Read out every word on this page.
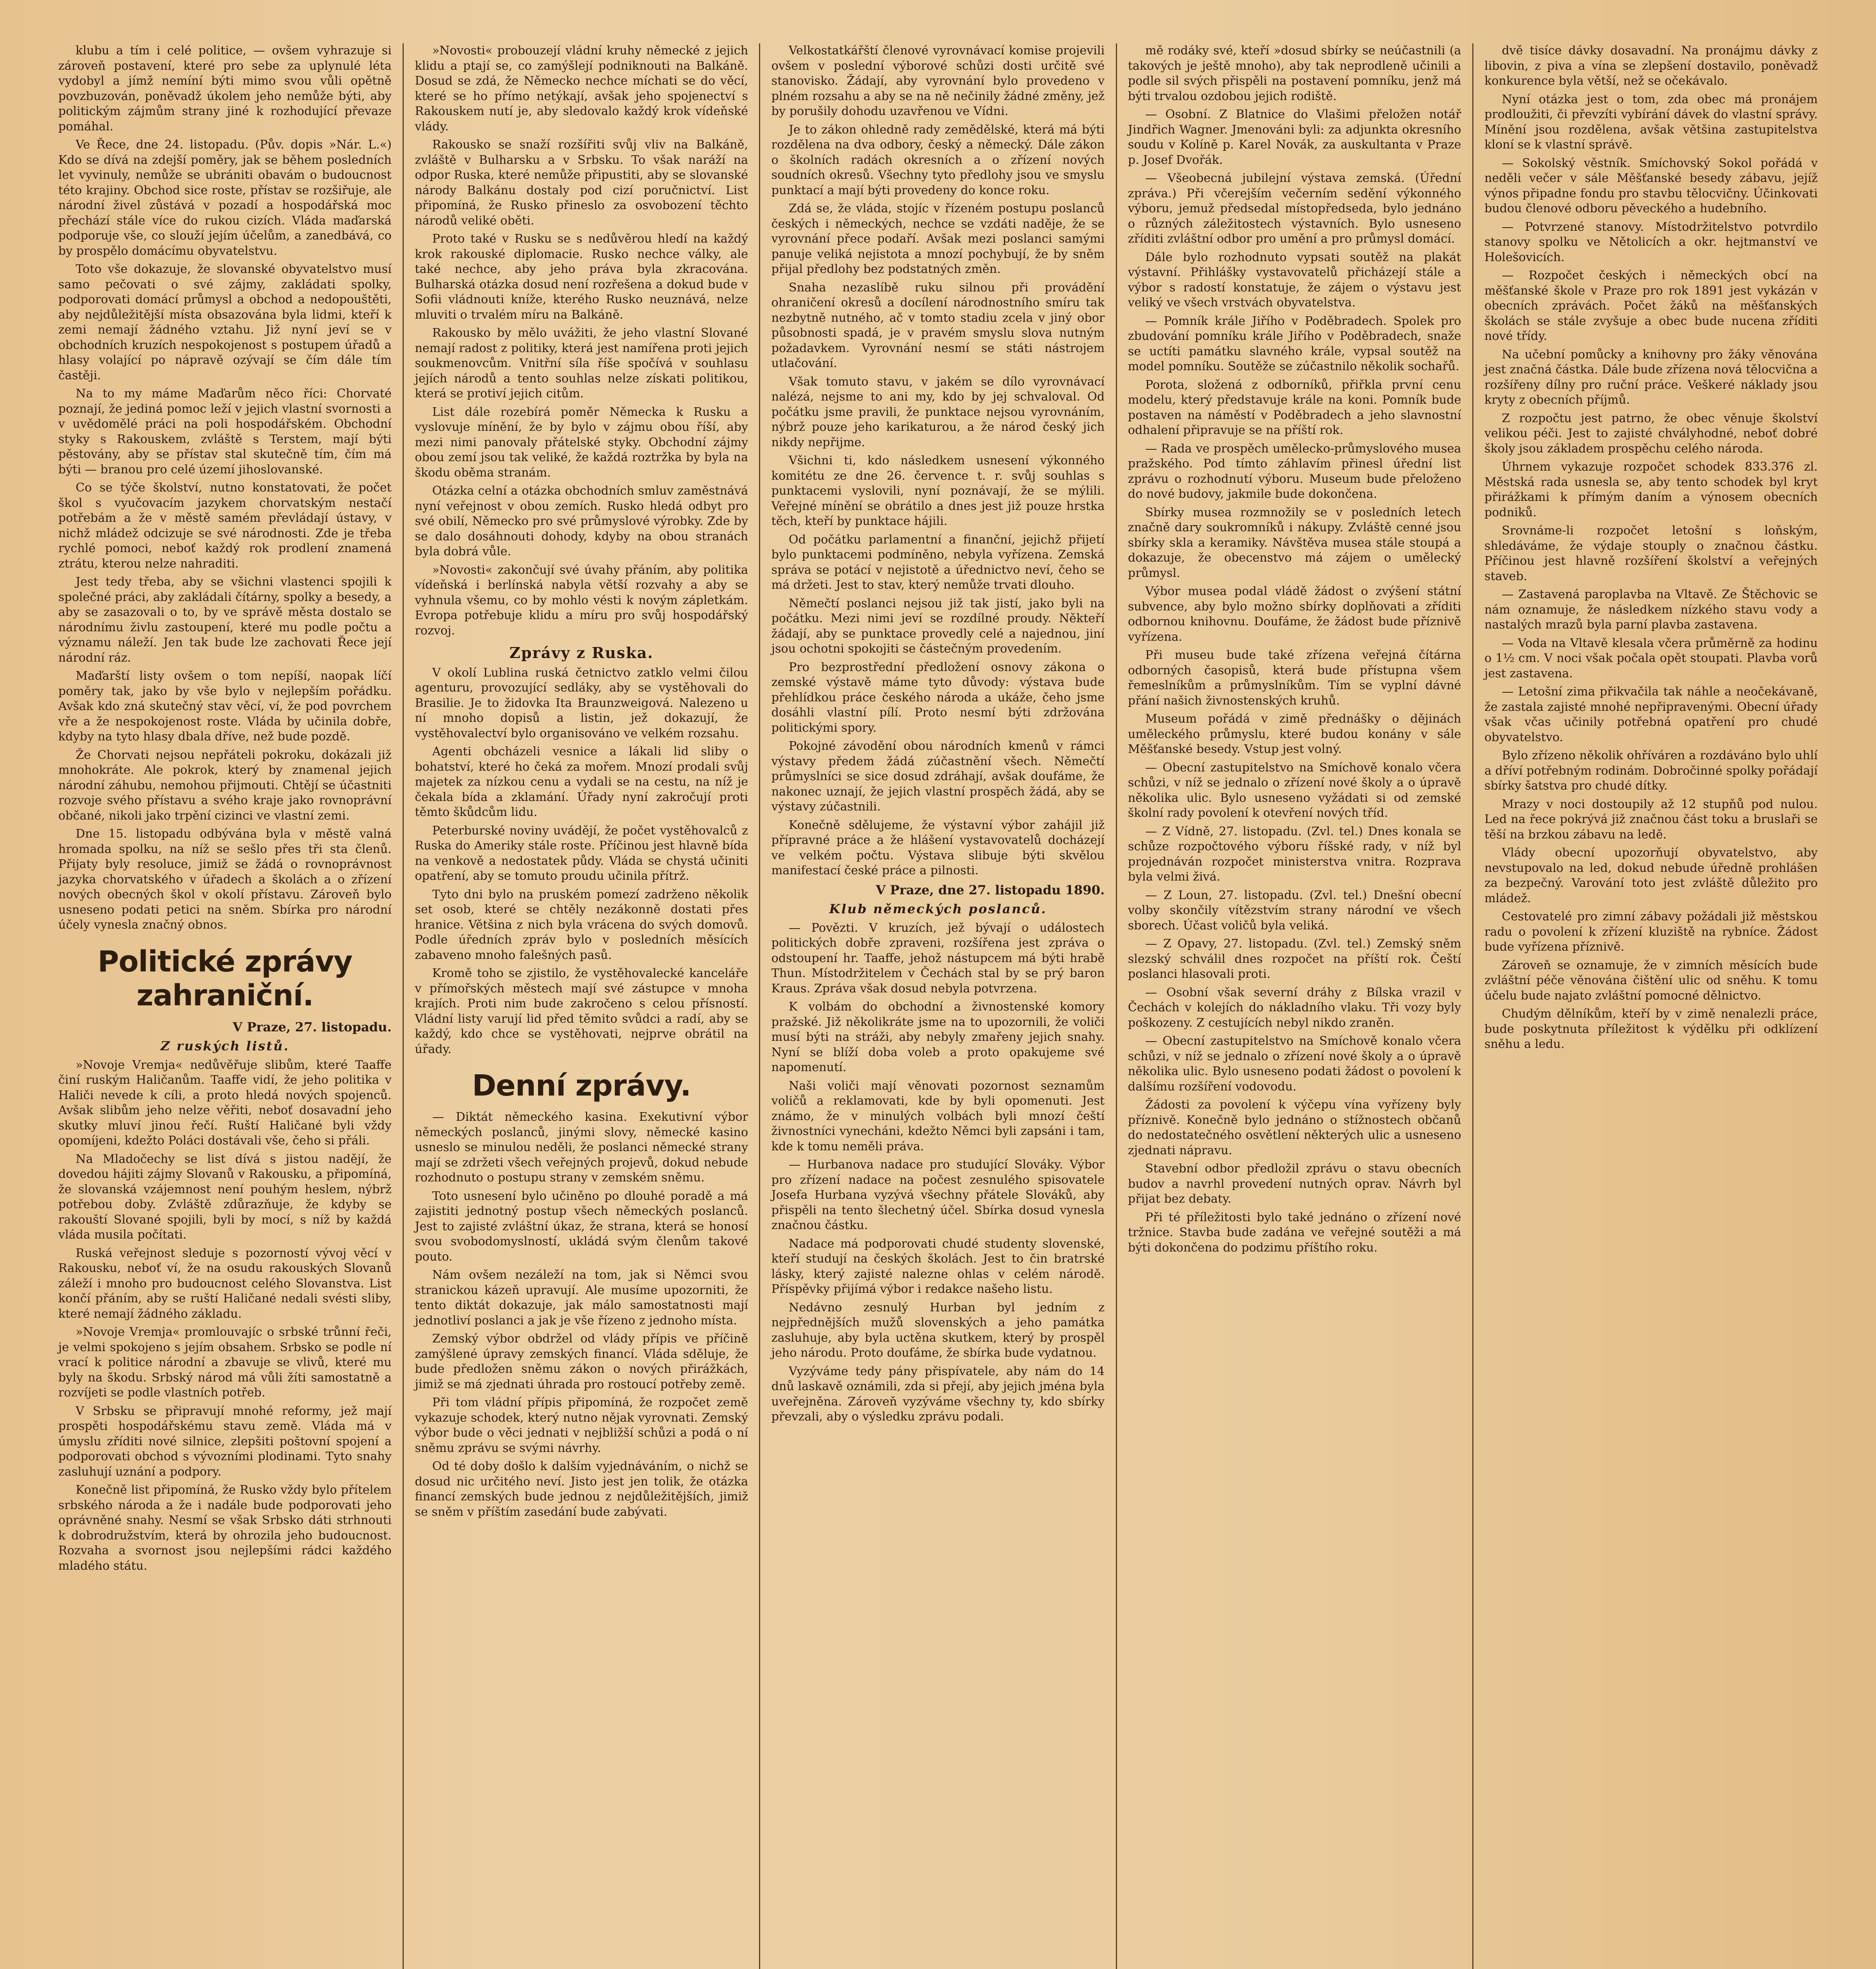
klubu a tím i celé politice, — ovšem vyhrazuje si zároveň postavení, které pro sebe za uplynulé léta vydobyl a jímž nemíní býti mimo svou vůli opětně povzbuzován, poněvadž úkolem jeho nemůže býti, aby politickým zájmům strany jiné k rozhodující převaze pomáhal.

Ve Řece, dne 24. listopadu. (Pův. dopis »Nár. L.«) Kdo se dívá na zdejší poměry, jak se během posledních let vyvinuly, nemůže se ubrániti obavám o budoucnost této krajiny. Obchod sice roste, přístav se rozšiřuje, ale národní živel zůstává v pozadí a hospodářská moc přechází stále více do rukou cizích. Vláda maďarská podporuje vše, co slouží jejím účelům, a zanedbává, co by prospělo domácímu obyvatelstvu.

Toto vše dokazuje, že slovanské obyvatelstvo musí samo pečovati o své zájmy, zakládati spolky, podporovati domácí průmysl a obchod a nedopouštěti, aby nejdůležitější místa obsazována byla lidmi, kteří k zemi nemají žádného vztahu. Již nyní jeví se v obchodních kruzích nespokojenost s postupem úřadů a hlasy volající po nápravě ozývají se čím dále tím častěji.

Na to my máme Maďarům něco říci: Chorvaté poznají, že jediná pomoc leží v jejich vlastní svornosti a v uvědomělé práci na poli hospodářském. Obchodní styky s Rakouskem, zvláště s Terstem, mají býti pěstovány, aby se přístav stal skutečně tím, čím má býti — branou pro celé území jihoslovanské.

Co se týče školství, nutno konstatovati, že počet škol s vyučovacím jazykem chorvatským nestačí potřebám a že v městě samém převládají ústavy, v nichž mládež odcizuje se své národnosti. Zde je třeba rychlé pomoci, neboť každý rok prodlení znamená ztrátu, kterou nelze nahraditi.

Jest tedy třeba, aby se všichni vlastenci spojili k společné práci, aby zakládali čítárny, spolky a besedy, a aby se zasazovali o to, by ve správě města dostalo se národnímu živlu zastoupení, které mu podle počtu a významu náleží. Jen tak bude lze zachovati Řece její národní ráz.

Maďarští listy ovšem o tom nepíší, naopak líčí poměry tak, jako by vše bylo v nejlepším pořádku. Avšak kdo zná skutečný stav věcí, ví, že pod povrchem vře a že nespokojenost roste. Vláda by učinila dobře, kdyby na tyto hlasy dbala dříve, než bude pozdě.

Že Chorvati nejsou nepřáteli pokroku, dokázali již mnohokráte. Ale pokrok, který by znamenal jejich národní záhubu, nemohou přijmouti. Chtějí se účastniti rozvoje svého přístavu a svého kraje jako rovnoprávní občané, nikoli jako trpění cizinci ve vlastní zemi.

Dne 15. listopadu odbývána byla v městě valná hromada spolku, na níž se sešlo přes tři sta členů. Přijaty byly resoluce, jimiž se žádá o rovnoprávnost jazyka chorvatského v úřadech a školách a o zřízení nových obecných škol v okolí přístavu. Zároveň bylo usneseno podati petici na sněm. Sbírka pro národní účely vynesla značný obnos.

Politické zprávy zahraniční.
V Praze, 27. listopadu.
Z ruských listů.

»Novoje Vremja« nedůvěřuje slibům, které Taaffe činí ruským Haličanům. Taaffe vidí, že jeho politika v Haliči nevede k cíli, a proto hledá nových spojenců. Avšak slibům jeho nelze věřiti, neboť dosavadní jeho skutky mluví jinou řečí. Ruští Haličané byli vždy opomíjeni, kdežto Poláci dostávali vše, čeho si přáli.

Na Mladočechy se list dívá s jistou nadějí, že dovedou hájiti zájmy Slovanů v Rakousku, a připomíná, že slovanská vzájemnost není pouhým heslem, nýbrž potřebou doby. Zvláště zdůrazňuje, že kdyby se rakouští Slované spojili, byli by mocí, s níž by každá vláda musila počítati.

Ruská veřejnost sleduje s pozorností vývoj věcí v Rakousku, neboť ví, že na osudu rakouských Slovanů záleží i mnoho pro budoucnost celého Slovanstva. List končí přáním, aby se ruští Haličané nedali svésti sliby, které nemají žádného základu.

»Novoje Vremja« promlouvajíc o srbské trůnní řeči, je velmi spokojeno s jejím obsahem. Srbsko se podle ní vrací k politice národní a zbavuje se vlivů, které mu byly na škodu. Srbský národ má vůli žíti samostatně a rozvíjeti se podle vlastních potřeb.

V Srbsku se připravují mnohé reformy, jež mají prospěti hospodářskému stavu země. Vláda má v úmyslu zříditi nové silnice, zlepšiti poštovní spojení a podporovati obchod s vývozními plodinami. Tyto snahy zasluhují uznání a podpory.

Konečně list připomíná, že Rusko vždy bylo přítelem srbského národa a že i nadále bude podporovati jeho oprávněné snahy. Nesmí se však Srbsko dáti strhnouti k dobrodružstvím, která by ohrozila jeho budoucnost. Rozvaha a svornost jsou nejlepšími rádci každého mladého státu.

»Novosti« probouzejí vládní kruhy německé z jejich klidu a ptají se, co zamýšlejí podniknouti na Balkáně. Dosud se zdá, že Německo nechce míchati se do věcí, které se ho přímo netýkají, avšak jeho spojenectví s Rakouskem nutí je, aby sledovalo každý krok vídeňské vlády.

Rakousko se snaží rozšířiti svůj vliv na Balkáně, zvláště v Bulharsku a v Srbsku. To však naráží na odpor Ruska, které nemůže připustiti, aby se slovanské národy Balkánu dostaly pod cizí poručnictví. List připomíná, že Rusko přineslo za osvobození těchto národů veliké oběti.

Proto také v Rusku se s nedůvěrou hledí na každý krok rakouské diplomacie. Rusko nechce války, ale také nechce, aby jeho práva byla zkracována. Bulharská otázka dosud není rozřešena a dokud bude v Sofii vládnouti kníže, kterého Rusko neuznává, nelze mluviti o trvalém míru na Balkáně.

Rakousko by mělo uvážiti, že jeho vlastní Slované nemají radost z politiky, která jest namířena proti jejich soukmenovcům. Vnitřní síla říše spočívá v souhlasu jejích národů a tento souhlas nelze získati politikou, která se protiví jejich citům.

List dále rozebírá poměr Německa k Rusku a vyslovuje mínění, že by bylo v zájmu obou říší, aby mezi nimi panovaly přátelské styky. Obchodní zájmy obou zemí jsou tak veliké, že každá roztržka by byla na škodu oběma stranám.

Otázka celní a otázka obchodních smluv zaměstnává nyní veřejnost v obou zemích. Rusko hledá odbyt pro své obilí, Německo pro své průmyslové výrobky. Zde by se dalo dosáhnouti dohody, kdyby na obou stranách byla dobrá vůle.

»Novosti« zakončují své úvahy přáním, aby politika vídeňská i berlínská nabyla větší rozvahy a aby se vyhnula všemu, co by mohlo vésti k novým zápletkám. Evropa potřebuje klidu a míru pro svůj hospodářský rozvoj.

Zprávy z Ruska.

V okolí Lublina ruská četnictvo zatklo velmi čilou agenturu, provozující sedláky, aby se vystěhovali do Brasilie. Je to židovka Ita Braunzweigová. Nalezeno u ní mnoho dopisů a listin, jež dokazují, že vystěhovalectví bylo organisováno ve velkém rozsahu.

Agenti obcházeli vesnice a lákali lid sliby o bohatství, které ho čeká za mořem. Mnozí prodali svůj majetek za nízkou cenu a vydali se na cestu, na níž je čekala bída a zklamání. Úřady nyní zakročují proti těmto škůdcům lidu.

Peterburské noviny uvádějí, že počet vystěhovalců z Ruska do Ameriky stále roste. Příčinou jest hlavně bída na venkově a nedostatek půdy. Vláda se chystá učiniti opatření, aby se tomuto proudu učinila přítrž.

Tyto dni bylo na pruském pomezí zadrženo několik set osob, které se chtěly nezákonně dostati přes hranice. Většina z nich byla vrácena do svých domovů. Podle úředních zpráv bylo v posledních měsících zabaveno mnoho falešných pasů.

Kromě toho se zjistilo, že vystěhovalecké kanceláře v přímořských městech mají své zástupce v mnoha krajích. Proti nim bude zakročeno s celou přísností. Vládní listy varují lid před těmito svůdci a radí, aby se každý, kdo chce se vystěhovati, nejprve obrátil na úřady.

Denní zprávy.

— Diktát německého kasina. Exekutivní výbor německých poslanců, jinými slovy, německé kasino usneslo se minulou neděli, že poslanci německé strany mají se zdržeti všech veřejných projevů, dokud nebude rozhodnuto o postupu strany v zemském sněmu.

Toto usnesení bylo učiněno po dlouhé poradě a má zajistiti jednotný postup všech německých poslanců. Jest to zajisté zvláštní úkaz, že strana, která se honosí svou svobodomyslností, ukládá svým členům takové pouto.

Nám ovšem nezáleží na tom, jak si Němci svou stranickou kázeň upravují. Ale musíme upozorniti, že tento diktát dokazuje, jak málo samostatnosti mají jednotliví poslanci a jak je vše řízeno z jednoho místa.

Zemský výbor obdržel od vlády přípis ve příčině zamýšlené úpravy zemských financí. Vláda sděluje, že bude předložen sněmu zákon o nových přirážkách, jimiž se má zjednati úhrada pro rostoucí potřeby země.

Při tom vládní přípis připomíná, že rozpočet země vykazuje schodek, který nutno nějak vyrovnati. Zemský výbor bude o věci jednati v nejbližší schůzi a podá o ní sněmu zprávu se svými návrhy.

Od té doby došlo k dalším vyjednáváním, o nichž se dosud nic určitého neví. Jisto jest jen tolik, že otázka financí zemských bude jednou z nejdůležitějších, jimiž se sněm v příštím zasedání bude zabývati.

Velkostatkářští členové vyrovnávací komise projevili ovšem v poslední výborové schůzi dosti určitě své stanovisko. Žádají, aby vyrovnání bylo provedeno v plném rozsahu a aby se na ně nečinily žádné změny, jež by porušily dohodu uzavřenou ve Vídni.

Je to zákon ohledně rady zemědělské, která má býti rozdělena na dva odbory, český a německý. Dále zákon o školních radách okresních a o zřízení nových soudních okresů. Všechny tyto předlohy jsou ve smyslu punktací a mají býti provedeny do konce roku.

Zdá se, že vláda, stojíc v řízeném postupu poslanců českých i německých, nechce se vzdáti naděje, že se vyrovnání přece podaří. Avšak mezi poslanci samými panuje veliká nejistota a mnozí pochybují, že by sněm přijal předlohy bez podstatných změn.

Snaha nezaslíbě ruku silnou při provádění ohraničení okresů a docílení národnostního smíru tak nezbytně nutného, ač v tomto stadiu zcela v jiný obor působnosti spadá, je v pravém smyslu slova nutným požadavkem. Vyrovnání nesmí se státi nástrojem utlačování.

Však tomuto stavu, v jakém se dílo vyrovnávací nalézá, nejsme to ani my, kdo by jej schvaloval. Od počátku jsme pravili, že punktace nejsou vyrovnáním, nýbrž pouze jeho karikaturou, a že národ český jich nikdy nepřijme.

Všichni ti, kdo následkem usnesení výkonného komitétu ze dne 26. července t. r. svůj souhlas s punktacemi vyslovili, nyní poznávají, že se mýlili. Veřejné mínění se obrátilo a dnes jest již pouze hrstka těch, kteří by punktace hájili.

Od počátku parlamentní a finanční, jejichž přijetí bylo punktacemi podmíněno, nebyla vyřízena. Zemská správa se potácí v nejistotě a úřednictvo neví, čeho se má držeti. Jest to stav, který nemůže trvati dlouho.

Němečtí poslanci nejsou již tak jistí, jako byli na počátku. Mezi nimi jeví se rozdílné proudy. Někteří žádají, aby se punktace provedly celé a najednou, jiní jsou ochotni spokojiti se částečným provedením.

Pro bezprostřední předložení osnovy zákona o zemské výstavě máme tyto důvody: výstava bude přehlídkou práce českého národa a ukáže, čeho jsme dosáhli vlastní pílí. Proto nesmí býti zdržována politickými spory.

Pokojné závodění obou národních kmenů v rámci výstavy předem žádá zúčastnění všech. Němečtí průmyslníci se sice dosud zdráhají, avšak doufáme, že nakonec uznají, že jejich vlastní prospěch žádá, aby se výstavy zúčastnili.

Konečně sdělujeme, že výstavní výbor zahájil již přípravné práce a že hlášení vystavovatelů docházejí ve velkém počtu. Výstava slibuje býti skvělou manifestací české práce a pilnosti.

V Praze, dne 27. listopadu 1890.
Klub německých poslanců.

— Povězti. V kruzích, jež bývají o událostech politických dobře zpraveni, rozšířena jest zpráva o odstoupení hr. Taaffe, jehož nástupcem má býti hrabě Thun. Místodržitelem v Čechách stal by se prý baron Kraus. Zpráva však dosud nebyla potvrzena.

K volbám do obchodní a živnostenské komory pražské. Již několikráte jsme na to upozornili, že voliči musí býti na stráži, aby nebyly zmařeny jejich snahy. Nyní se blíží doba voleb a proto opakujeme své napomenutí.

Naši voliči mají věnovati pozornost seznamům voličů a reklamovati, kde by byli opomenuti. Jest známo, že v minulých volbách byli mnozí čeští živnostníci vynecháni, kdežto Němci byli zapsáni i tam, kde k tomu neměli práva.

— Hurbanova nadace pro studující Slováky. Výbor pro zřízení nadace na počest zesnulého spisovatele Josefa Hurbana vyzývá všechny přátele Slováků, aby přispěli na tento šlechetný účel. Sbírka dosud vynesla značnou částku.

Nadace má podporovati chudé studenty slovenské, kteří studují na českých školách. Jest to čin bratrské lásky, který zajisté nalezne ohlas v celém národě. Příspěvky přijímá výbor i redakce našeho listu.

Nedávno zesnulý Hurban byl jedním z nejpřednějších mužů slovenských a jeho památka zasluhuje, aby byla uctěna skutkem, který by prospěl jeho národu. Proto doufáme, že sbírka bude vydatnou.

Vyzýváme tedy pány přispívatele, aby nám do 14 dnů laskavě oznámili, zda si přejí, aby jejich jména byla uveřejněna. Zároveň vyzýváme všechny ty, kdo sbírky převzali, aby o výsledku zprávu podali.

mě rodáky své, kteří »dosud sbírky se neúčastnili (a takových je ještě mnoho), aby tak neprodleně učinili a podle sil svých přispěli na postavení pomníku, jenž má býti trvalou ozdobou jejich rodiště.

— Osobní. Z Blatnice do Vlašimi přeložen notář Jindřich Wagner. Jmenováni byli: za adjunkta okresního soudu v Kolíně p. Karel Novák, za auskultanta v Praze p. Josef Dvořák.

— Všeobecná jubilejní výstava zemská. (Úřední zpráva.) Při včerejším večerním sedění výkonného výboru, jemuž předsedal místopředseda, bylo jednáno o různých záležitostech výstavních. Bylo usneseno zříditi zvláštní odbor pro umění a pro průmysl domácí.

Dále bylo rozhodnuto vypsati soutěž na plakát výstavní. Přihlášky vystavovatelů přicházejí stále a výbor s radostí konstatuje, že zájem o výstavu jest veliký ve všech vrstvách obyvatelstva.

— Pomník krále Jiřího v Poděbradech. Spolek pro zbudování pomníku krále Jiřího v Poděbradech, snaže se uctíti památku slavného krále, vypsal soutěž na model pomníku. Soutěže se zúčastnilo několik sochařů.

Porota, složená z odborníků, přiřkla první cenu modelu, který představuje krále na koni. Pomník bude postaven na náměstí v Poděbradech a jeho slavnostní odhalení připravuje se na příští rok.

— Rada ve prospěch umělecko-průmyslového musea pražského. Pod tímto záhlavím přinesl úřední list zprávu o rozhodnutí výboru. Museum bude přeloženo do nové budovy, jakmile bude dokončena.

Sbírky musea rozmnožily se v posledních letech značně dary soukromníků i nákupy. Zvláště cenné jsou sbírky skla a keramiky. Návštěva musea stále stoupá a dokazuje, že obecenstvo má zájem o umělecký průmysl.

Výbor musea podal vládě žádost o zvýšení státní subvence, aby bylo možno sbírky doplňovati a zříditi odbornou knihovnu. Doufáme, že žádost bude příznivě vyřízena.

Při museu bude také zřízena veřejná čítárna odborných časopisů, která bude přístupna všem řemeslníkům a průmyslníkům. Tím se vyplní dávné přání našich živnostenských kruhů.

Museum pořádá v zimě přednášky o dějinách uměleckého průmyslu, které budou konány v sále Měšťanské besedy. Vstup jest volný.

— Obecní zastupitelstvo na Smíchově konalo včera schůzi, v níž se jednalo o zřízení nové školy a o úpravě několika ulic. Bylo usneseno vyžádati si od zemské školní rady povolení k otevření nových tříd.

— Z Vídně, 27. listopadu. (Zvl. tel.) Dnes konala se schůze rozpočtového výboru říšské rady, v níž byl projednáván rozpočet ministerstva vnitra. Rozprava byla velmi živá.

— Z Loun, 27. listopadu. (Zvl. tel.) Dnešní obecní volby skončily vítězstvím strany národní ve všech sborech. Účast voličů byla veliká.

— Z Opavy, 27. listopadu. (Zvl. tel.) Zemský sněm slezský schválil dnes rozpočet na příští rok. Čeští poslanci hlasovali proti.

— Osobní však severní dráhy z Bílska vrazil v Čechách v kolejích do nákladního vlaku. Tři vozy byly poškozeny. Z cestujících nebyl nikdo zraněn.

— Obecní zastupitelstvo na Smíchově konalo včera schůzi, v níž se jednalo o zřízení nové školy a o úpravě několika ulic. Bylo usneseno podati žádost o povolení k dalšímu rozšíření vodovodu.

Žádosti za povolení k výčepu vína vyřízeny byly příznivě. Konečně bylo jednáno o stížnostech občanů do nedostatečného osvětlení některých ulic a usneseno zjednati nápravu.

Stavební odbor předložil zprávu o stavu obecních budov a navrhl provedení nutných oprav. Návrh byl přijat bez debaty.

Při té příležitosti bylo také jednáno o zřízení nové tržnice. Stavba bude zadána ve veřejné soutěži a má býti dokončena do podzimu příštího roku.

dvě tisíce dávky dosavadní. Na pronájmu dávky z libovin, z piva a vína se zlepšení dostavilo, poněvadž konkurence byla větší, než se očekávalo.

Nyní otázka jest o tom, zda obec má pronájem prodloužiti, či převzíti vybírání dávek do vlastní správy. Mínění jsou rozdělena, avšak většina zastupitelstva kloní se k vlastní správě.

— Sokolský věstník. Smíchovský Sokol pořádá v neděli večer v sále Měšťanské besedy zábavu, jejíž výnos připadne fondu pro stavbu tělocvičny. Účinkovati budou členové odboru pěveckého a hudebního.

— Potvrzené stanovy. Místodržitelstvo potvrdilo stanovy spolku ve Nětolicích a okr. hejtmanství ve Holešovicích.

— Rozpočet českých i německých obcí na měšťanské škole v Praze pro rok 1891 jest vykázán v obecních zprávách. Počet žáků na měšťanských školách se stále zvyšuje a obec bude nucena zříditi nové třídy.

Na učební pomůcky a knihovny pro žáky věnována jest značná částka. Dále bude zřízena nová tělocvična a rozšířeny dílny pro ruční práce. Veškeré náklady jsou kryty z obecních příjmů.

Z rozpočtu jest patrno, že obec věnuje školství velikou péči. Jest to zajisté chvályhodné, neboť dobré školy jsou základem prospěchu celého národa.

Úhrnem vykazuje rozpočet schodek 833.376 zl. Městská rada usnesla se, aby tento schodek byl kryt přirážkami k přímým daním a výnosem obecních podniků.

Srovnáme-li rozpočet letošní s loňským, shledáváme, že výdaje stouply o značnou částku. Příčinou jest hlavně rozšíření školství a veřejných staveb.

— Zastavená paroplavba na Vltavě. Ze Štěchovic se nám oznamuje, že následkem nízkého stavu vody a nastalých mrazů byla parní plavba zastavena.

— Voda na Vltavě klesala včera průměrně za hodinu o 1½ cm. V noci však počala opět stoupati. Plavba vorů jest zastavena.

— Letošní zima přikvačila tak náhle a neočekávaně, že zastala zajisté mnohé nepřipravenými. Obecní úřady však včas učinily potřebná opatření pro chudé obyvatelstvo.

Bylo zřízeno několik ohříváren a rozdáváno bylo uhlí a dříví potřebným rodinám. Dobročinné spolky pořádají sbírky šatstva pro chudé dítky.

Mrazy v noci dostoupily až 12 stupňů pod nulou. Led na řece pokrývá již značnou část toku a bruslaři se těší na brzkou zábavu na ledě.

Vlády obecní upozorňují obyvatelstvo, aby nevstupovalo na led, dokud nebude úředně prohlášen za bezpečný. Varování toto jest zvláště důležito pro mládež.

Cestovatelé pro zimní zábavy požádali již městskou radu o povolení k zřízení kluziště na rybníce. Žádost bude vyřízena příznivě.

Zároveň se oznamuje, že v zimních měsících bude zvláštní péče věnována čištění ulic od sněhu. K tomu účelu bude najato zvláštní pomocné dělnictvo.

Chudým dělníkům, kteří by v zimě nenalezli práce, bude poskytnuta příležitost k výdělku při odklízení sněhu a ledu.
